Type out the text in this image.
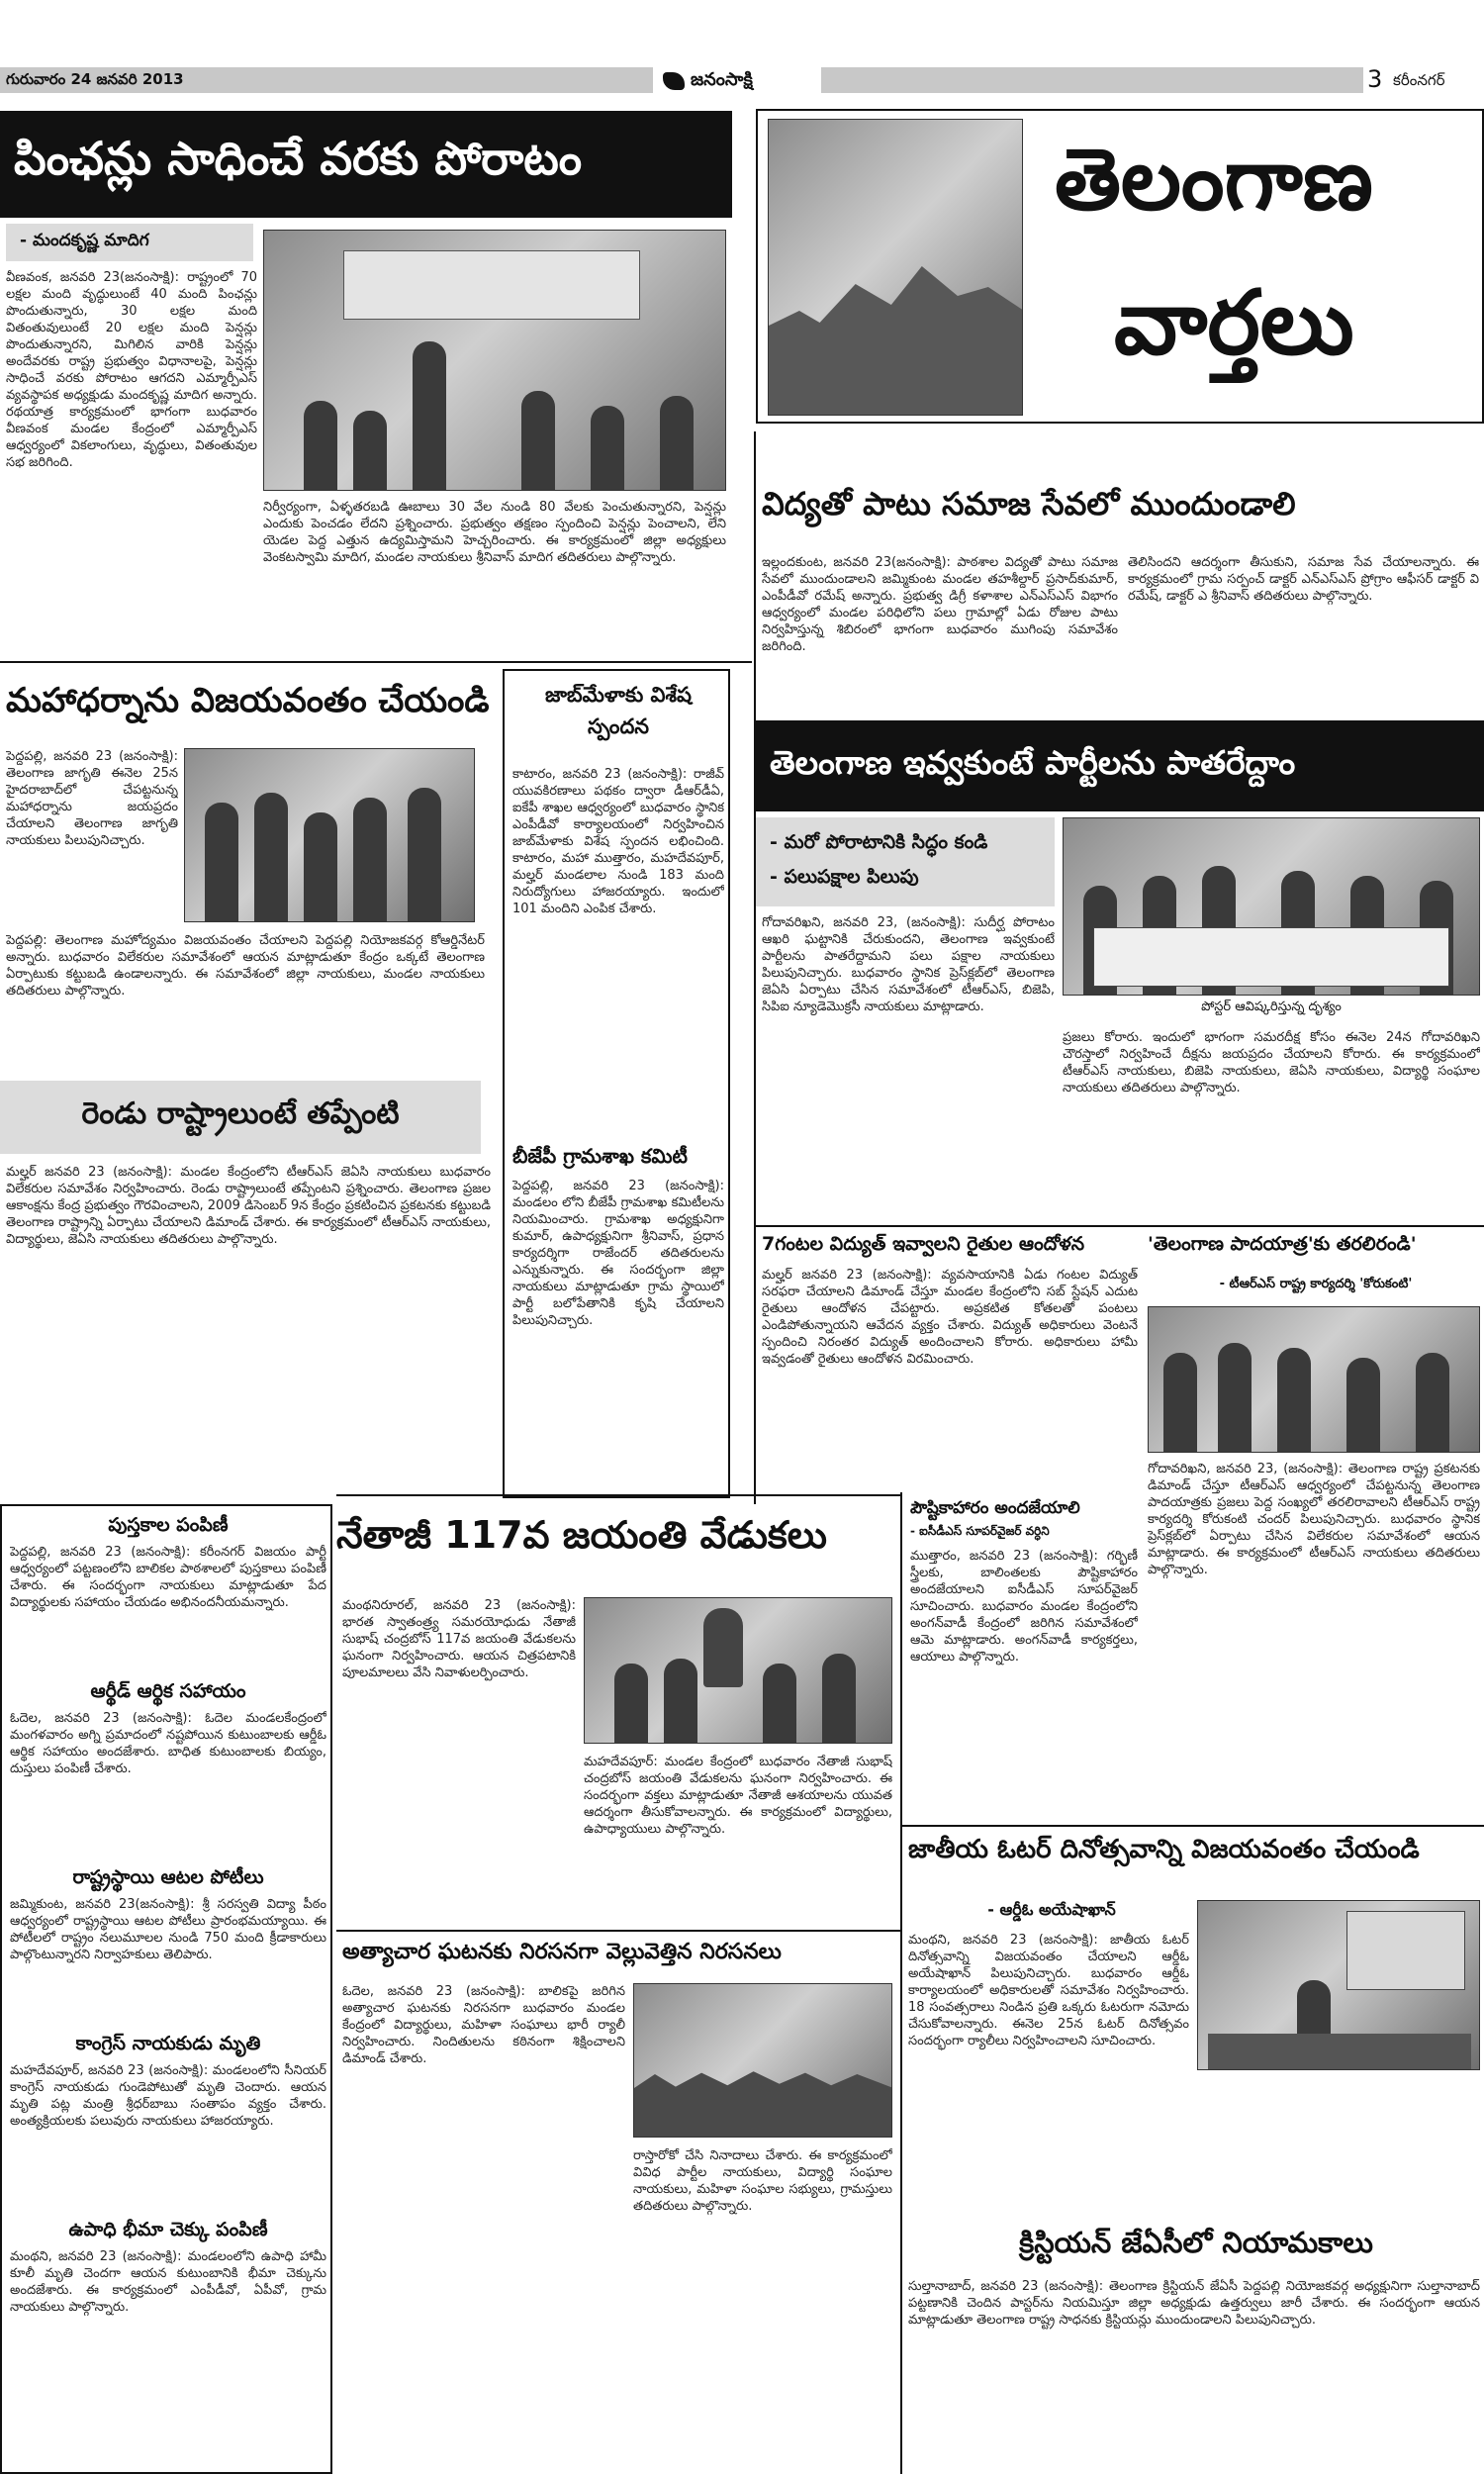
గురువారం 24 జనవరి 2013	జనంసాక్షి	3 కరీంనగర్
తెలంగాణ
వార్తలు
పింఛన్లు సాధించే వరకు పోరాటం
- మందకృష్ణ మాదిగ
వీణవంక, జనవరి 23(జనంసాక్షి): రాష్ట్రంలో 70 లక్షల మంది వృద్ధులుంటే 40 మంది పింఛన్లు పొందుతున్నారు, 30 లక్షల మంది వితంతువులుంటే 20 లక్షల మంది పెన్షన్లు పొందుతున్నారని, మిగిలిన వారికి పెన్షన్లు అందేవరకు రాష్ట్ర ప్రభుత్వం విధానాలపై, పెన్షన్లు సాధించే వరకు పోరాటం ఆగదని ఎమ్మార్పీఎస్ వ్యవస్థాపక అధ్యక్షుడు మందకృష్ణ మాదిగ అన్నారు. రథయాత్ర కార్యక్రమంలో భాగంగా బుధవారం వీణవంక మండల కేంద్రంలో ఎమ్మార్పీఎస్ ఆధ్వర్యంలో వికలాంగులు, వృద్ధులు, వితంతువుల సభ జరిగింది.
నిర్వీర్యంగా, ఏళ్ళతరబడి ఊబాలు 30 వేల నుండి 80 వేలకు పెంచుతున్నారని, పెన్షన్లు ఎందుకు పెంచడం లేదని ప్రశ్నించారు. ప్రభుత్వం తక్షణం స్పందించి పెన్షన్లు పెంచాలని, లేని యెడల పెద్ద ఎత్తున ఉద్యమిస్తామని హెచ్చరించారు. ఈ కార్యక్రమంలో జిల్లా అధ్యక్షులు వెంకటస్వామి మాదిగ, మండల నాయకులు శ్రీనివాస్ మాదిగ తదితరులు పాల్గొన్నారు.
విద్యతో పాటు సమాజ సేవలో ముందుండాలి
ఇల్లందకుంట, జనవరి 23(జనంసాక్షి): పాఠశాల విద్యతో పాటు సమాజ సేవలో ముందుండాలని జమ్మికుంట మండల తహశీల్దార్ ప్రసాద్‌కుమార్, ఎంపీడీవో రమేష్ అన్నారు. ప్రభుత్వ డిగ్రీ కళాశాల ఎన్‌ఎస్‌ఎస్ విభాగం ఆధ్వర్యంలో మండల పరిధిలోని పలు గ్రామాల్లో ఏడు రోజుల పాటు నిర్వహిస్తున్న శిబిరంలో భాగంగా బుధవారం ముగింపు సమావేశం జరిగింది.
తెలిసిందని ఆదర్శంగా తీసుకుని, సమాజ సేవ చేయాలన్నారు. ఈ కార్యక్రమంలో గ్రామ సర్పంచ్ డాక్టర్ ఎన్‌ఎస్‌ఎస్ ప్రోగ్రాం ఆఫీసర్ డాక్టర్ వి రమేష్, డాక్టర్ ఎ శ్రీనివాస్ తదితరులు పాల్గొన్నారు.
మహాధర్నాను విజయవంతం చేయండి
పెద్దపల్లి, జనవరి 23 (జనంసాక్షి): తెలంగాణ జాగృతి ఈనెల 25న హైదరాబాద్‌లో చేపట్టనున్న మహాధర్నాను జయప్రదం చేయాలని తెలంగాణ జాగృతి నాయకులు పిలుపునిచ్చారు.
పెద్దపల్లి: తెలంగాణ మహోద్యమం విజయవంతం చేయాలని పెద్దపల్లి నియోజకవర్గ కోఆర్డినేటర్ అన్నారు. బుధవారం విలేకరుల సమావేశంలో ఆయన మాట్లాడుతూ కేంద్రం ఒక్కటే తెలంగాణ ఏర్పాటుకు కట్టుబడి ఉండాలన్నారు. ఈ సమావేశంలో జిల్లా నాయకులు, మండల నాయకులు తదితరులు పాల్గొన్నారు.
జాబ్‌మేళాకు విశేష స్పందన
కాటారం, జనవరి 23 (జనంసాక్షి): రాజీవ్ యువకిరణాలు పథకం ద్వారా డీఆర్‌డీఏ, ఐకేపీ శాఖల ఆధ్వర్యంలో బుధవారం స్థానిక ఎంపీడీవో కార్యాలయంలో నిర్వహించిన జాబ్‌మేళాకు విశేష స్పందన లభించింది. కాటారం, మహా ముత్తారం, మహదేవపూర్, మల్హర్ మండలాల నుండి 183 మంది నిరుద్యోగులు హాజరయ్యారు. ఇందులో 101 మందిని ఎంపిక చేశారు.
బీజేపీ గ్రామశాఖ కమిటీ
పెద్దపల్లి, జనవరి 23 (జనంసాక్షి): మండలం లోని బీజేపీ గ్రామశాఖ కమిటీలను నియమించారు. గ్రామశాఖ అధ్యక్షునిగా కుమార్, ఉపాధ్యక్షునిగా శ్రీనివాస్, ప్రధాన కార్యదర్శిగా రాజేందర్ తదితరులను ఎన్నుకున్నారు. ఈ సందర్భంగా జిల్లా నాయకులు మాట్లాడుతూ గ్రామ స్థాయిలో పార్టీ బలోపేతానికి కృషి చేయాలని పిలుపునిచ్చారు.
రెండు రాష్ట్రాలుంటే తప్పేంటి
మల్హర్ జనవరి 23 (జనంసాక్షి): మండల కేంద్రంలోని టీఆర్‌ఎస్ జెఏసి నాయకులు బుధవారం విలేకరుల సమావేశం నిర్వహించారు. రెండు రాష్ట్రాలుంటే తప్పేంటని ప్రశ్నించారు. తెలంగాణ ప్రజల ఆకాంక్షను కేంద్ర ప్రభుత్వం గౌరవించాలని, 2009 డిసెంబర్ 9న కేంద్రం ప్రకటించిన ప్రకటనకు కట్టుబడి తెలంగాణ రాష్ట్రాన్ని ఏర్పాటు చేయాలని డిమాండ్ చేశారు. ఈ కార్యక్రమంలో టీఆర్‌ఎస్ నాయకులు, విద్యార్థులు, జెఏసి నాయకులు తదితరులు పాల్గొన్నారు.
తెలంగాణ ఇవ్వకుంటే పార్టీలను పాతరేద్దాం
- మరో పోరాటానికి సిద్ధం కండి
- పలుపక్షాల పిలుపు
పోస్టర్ ఆవిష్కరిస్తున్న దృశ్యం
గోదావరిఖని, జనవరి 23, (జనంసాక్షి): సుదీర్ఘ పోరాటం ఆఖరి ఘట్టానికి చేరుకుందని, తెలంగాణ ఇవ్వకుంటే పార్టీలను పాతరేద్దామని పలు పక్షాల నాయకులు పిలుపునిచ్చారు. బుధవారం స్థానిక ప్రెస్‌క్లబ్‌లో తెలంగాణ జెఏసి ఏర్పాటు చేసిన సమావేశంలో టీఆర్‌ఎస్, బిజెపి, సిపిఐ న్యూడెమొక్రసీ నాయకులు మాట్లాడారు.
ప్రజలు కోరారు. ఇందులో భాగంగా సమరదీక్ష కోసం ఈనెల 24న గోదావరిఖని చౌరస్తాలో నిర్వహించే దీక్షను జయప్రదం చేయాలని కోరారు. ఈ కార్యక్రమంలో టీఆర్‌ఎస్ నాయకులు, బిజెపి నాయకులు, జెఏసి నాయకులు, విద్యార్థి సంఘాల నాయకులు తదితరులు పాల్గొన్నారు.
7గంటల విద్యుత్ ఇవ్వాలని రైతుల ఆందోళన
మల్హర్ జనవరి 23 (జనంసాక్షి): వ్యవసాయానికి ఏడు గంటల విద్యుత్ సరఫరా చేయాలని డిమాండ్ చేస్తూ మండల కేంద్రంలోని సబ్ స్టేషన్ ఎదుట రైతులు ఆందోళన చేపట్టారు. అప్రకటిత కోతలతో పంటలు ఎండిపోతున్నాయని ఆవేదన వ్యక్తం చేశారు. విద్యుత్ అధికారులు వెంటనే స్పందించి నిరంతర విద్యుత్ అందించాలని కోరారు. అధికారులు హామీ ఇవ్వడంతో రైతులు ఆందోళన విరమించారు.
'తెలంగాణ పాదయాత్ర'కు తరలిరండి'
- టీఆర్ఎస్ రాష్ట్ర కార్యదర్శి 'కోరుకంటి'
గోదావరిఖని, జనవరి 23, (జనంసాక్షి): తెలంగాణ రాష్ట్ర ప్రకటనకు డిమాండ్ చేస్తూ టీఆర్‌ఎస్ ఆధ్వర్యంలో చేపట్టనున్న తెలంగాణ పాదయాత్రకు ప్రజలు పెద్ద సంఖ్యలో తరలిరావాలని టీఆర్‌ఎస్ రాష్ట్ర కార్యదర్శి కోరుకంటి చందర్ పిలుపునిచ్చారు. బుధవారం స్థానిక ప్రెస్‌క్లబ్‌లో ఏర్పాటు చేసిన విలేకరుల సమావేశంలో ఆయన మాట్లాడారు. ఈ కార్యక్రమంలో టీఆర్‌ఎస్ నాయకులు తదితరులు పాల్గొన్నారు.
నేతాజీ 117వ జయంతి వేడుకలు
మంథనిరూరల్, జనవరి 23 (జనంసాక్షి): భారత స్వాతంత్ర్య సమరయోధుడు నేతాజీ సుభాష్ చంద్రబోస్ 117వ జయంతి వేడుకలను ఘనంగా నిర్వహించారు. ఆయన చిత్రపటానికి పూలమాలలు వేసి నివాళులర్పించారు.
మహదేవపూర్: మండల కేంద్రంలో బుధవారం నేతాజీ సుభాష్ చంద్రబోస్ జయంతి వేడుకలను ఘనంగా నిర్వహించారు. ఈ సందర్భంగా వక్తలు మాట్లాడుతూ నేతాజీ ఆశయాలను యువత ఆదర్శంగా తీసుకోవాలన్నారు. ఈ కార్యక్రమంలో విద్యార్థులు, ఉపాధ్యాయులు పాల్గొన్నారు.
పుస్తకాల పంపిణీ
పెద్దపల్లి, జనవరి 23 (జనంసాక్షి): కరీంనగర్ విజయం పార్టీ ఆధ్వర్యంలో పట్టణంలోని బాలికల పాఠశాలలో పుస్తకాలు పంపిణీ చేశారు. ఈ సందర్భంగా నాయకులు మాట్లాడుతూ పేద విద్యార్థులకు సహాయం చేయడం అభినందనీయమన్నారు.
ఆర్థీడ్ ఆర్థిక సహాయం
ఓదెల, జనవరి 23 (జనంసాక్షి): ఓదెల మండలకేంద్రంలో మంగళవారం అగ్ని ప్రమాదంలో నష్టపోయిన కుటుంబాలకు ఆర్డీఓ ఆర్థిక సహాయం అందజేశారు. బాధిత కుటుంబాలకు బియ్యం, దుస్తులు పంపిణీ చేశారు.
రాష్ట్రస్థాయి ఆటల పోటీలు
జమ్మికుంట, జనవరి 23(జనంసాక్షి): శ్రీ సరస్వతి విద్యా పీఠం ఆధ్వర్యంలో రాష్ట్రస్థాయి ఆటల పోటీలు ప్రారంభమయ్యాయి. ఈ పోటీలలో రాష్ట్రం నలుమూలల నుండి 750 మంది క్రీడాకారులు పాల్గొంటున్నారని నిర్వాహకులు తెలిపారు.
కాంగ్రెస్ నాయకుడు మృతి
మహదేవపూర్, జనవరి 23 (జనంసాక్షి): మండలంలోని సీనియర్ కాంగ్రెస్ నాయకుడు గుండెపోటుతో మృతి చెందారు. ఆయన మృతి పట్ల మంత్రి శ్రీధర్‌బాబు సంతాపం వ్యక్తం చేశారు. అంత్యక్రియలకు పలువురు నాయకులు హాజరయ్యారు.
ఉపాధి భీమా చెక్కు పంపిణీ
మంథని, జనవరి 23 (జనంసాక్షి): మండలంలోని ఉపాధి హామీ కూలీ మృతి చెందగా ఆయన కుటుంబానికి భీమా చెక్కును అందజేశారు. ఈ కార్యక్రమంలో ఎంపీడీవో, ఏపీవో, గ్రామ నాయకులు పాల్గొన్నారు.
అత్యాచార ఘటనకు నిరసనగా వెల్లువెత్తిన నిరసనలు
ఓదెల, జనవరి 23 (జనంసాక్షి): బాలికపై జరిగిన అత్యాచార ఘటనకు నిరసనగా బుధవారం మండల కేంద్రంలో విద్యార్థులు, మహిళా సంఘాలు భారీ ర్యాలీ నిర్వహించారు. నిందితులను కఠినంగా శిక్షించాలని డిమాండ్ చేశారు.
రాస్తారోకో చేసి నినాదాలు చేశారు. ఈ కార్యక్రమంలో వివిధ పార్టీల నాయకులు, విద్యార్థి సంఘాల నాయకులు, మహిళా సంఘాల సభ్యులు, గ్రామస్తులు తదితరులు పాల్గొన్నారు.
పౌష్టికాహారం అందజేయాలి
- ఐసీడీఎస్ సూపర్‌వైజర్ వర్ధిని
ముత్తారం, జనవరి 23 (జనంసాక్షి): గర్భిణీ స్త్రీలకు, బాలింతలకు పౌష్టికాహారం అందజేయాలని ఐసీడీఎస్ సూపర్‌వైజర్ సూచించారు. బుధవారం మండల కేంద్రంలోని అంగన్‌వాడీ కేంద్రంలో జరిగిన సమావేశంలో ఆమె మాట్లాడారు. అంగన్‌వాడీ కార్యకర్తలు, ఆయాలు పాల్గొన్నారు.
జాతీయ ఓటర్ దినోత్సవాన్ని విజయవంతం చేయండి
- ఆర్డీఓ అయేషాఖాన్
మంథని, జనవరి 23 (జనంసాక్షి): జాతీయ ఓటర్ దినోత్సవాన్ని విజయవంతం చేయాలని ఆర్డీఓ అయేషాఖాన్ పిలుపునిచ్చారు. బుధవారం ఆర్డీఓ కార్యాలయంలో అధికారులతో సమావేశం నిర్వహించారు. 18 సంవత్సరాలు నిండిన ప్రతి ఒక్కరు ఓటరుగా నమోదు చేసుకోవాలన్నారు. ఈనెల 25న ఓటర్ దినోత్సవం సందర్భంగా ర్యాలీలు నిర్వహించాలని సూచించారు.
క్రిస్టియన్ జేఏసీలో నియామకాలు
సుల్తానాబాద్, జనవరి 23 (జనంసాక్షి): తెలంగాణ క్రిస్టియన్ జేఏసీ పెద్దపల్లి నియోజకవర్గ అధ్యక్షునిగా సుల్తానాబాద్ పట్టణానికి చెందిన పాస్టర్‌ను నియమిస్తూ జిల్లా అధ్యక్షుడు ఉత్తర్వులు జారీ చేశారు. ఈ సందర్భంగా ఆయన మాట్లాడుతూ తెలంగాణ రాష్ట్ర సాధనకు క్రిస్టియన్లు ముందుండాలని పిలుపునిచ్చారు.
